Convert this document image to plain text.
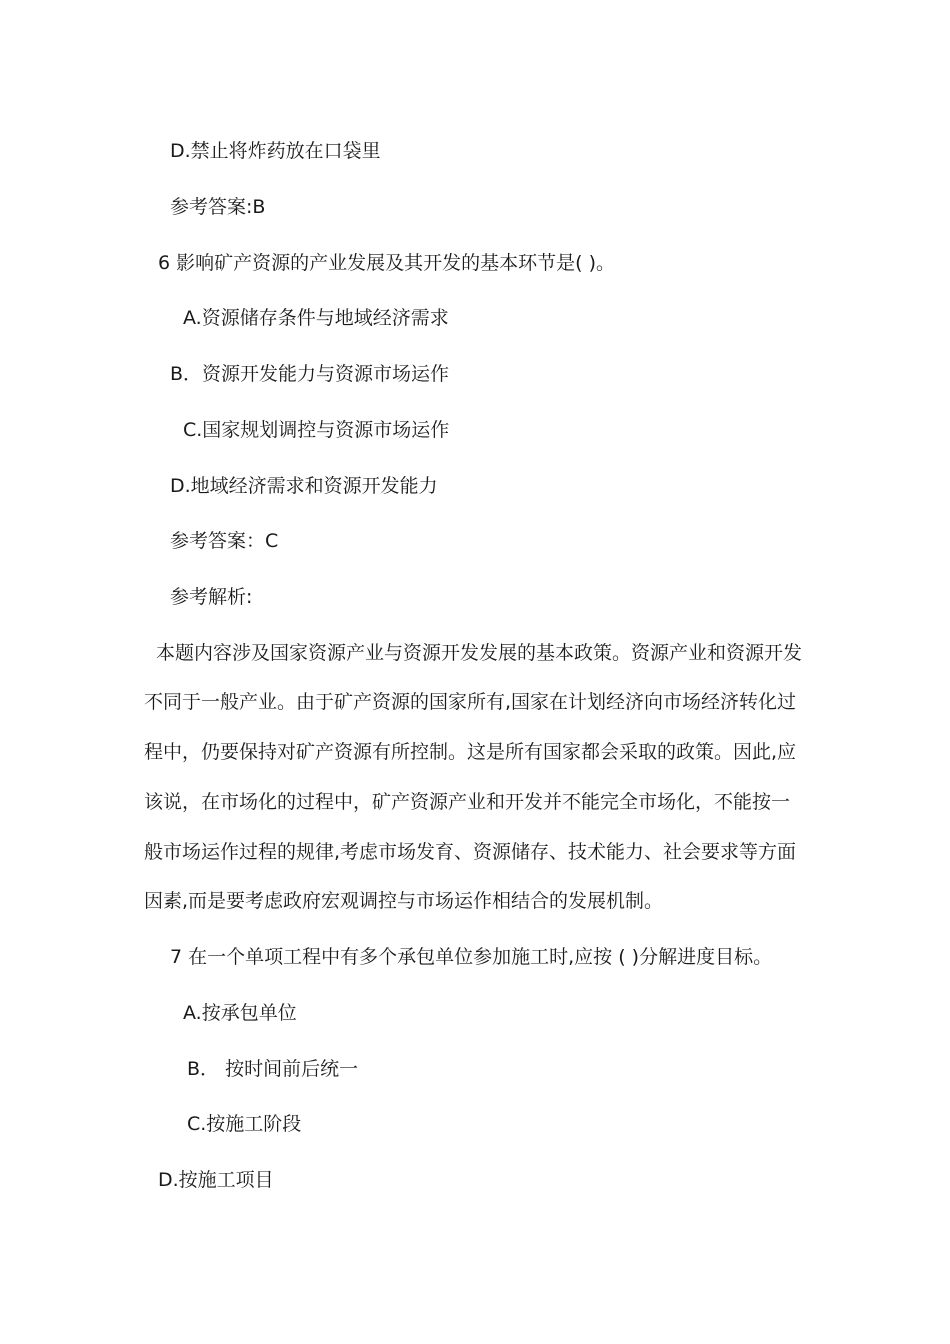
D.禁止将炸药放在口袋里

参考答案:B

6 影响矿产资源的产业发展及其开发的基本环节是( )。

A.资源储存条件与地域经济需求

B．资源开发能力与资源市场运作

C.国家规划调控与资源市场运作

D.地域经济需求和资源开发能力

参考答案：C

参考解析:

本题内容涉及国家资源产业与资源开发发展的基本政策。资源产业和资源开发

不同于一般产业。由于矿产资源的国家所有,国家在计划经济向市场经济转化过

程中，仍要保持对矿产资源有所控制。这是所有国家都会采取的政策。因此,应

该说，在市场化的过程中，矿产资源产业和开发并不能完全市场化，不能按一

般市场运作过程的规律,考虑市场发育、资源储存、技术能力、社会要求等方面

因素,而是要考虑政府宏观调控与市场运作相结合的发展机制。

7 在一个单项工程中有多个承包单位参加施工时,应按 ( )分解进度目标。

A.按承包单位

B． 按时间前后统一

C.按施工阶段

D.按施工项目
